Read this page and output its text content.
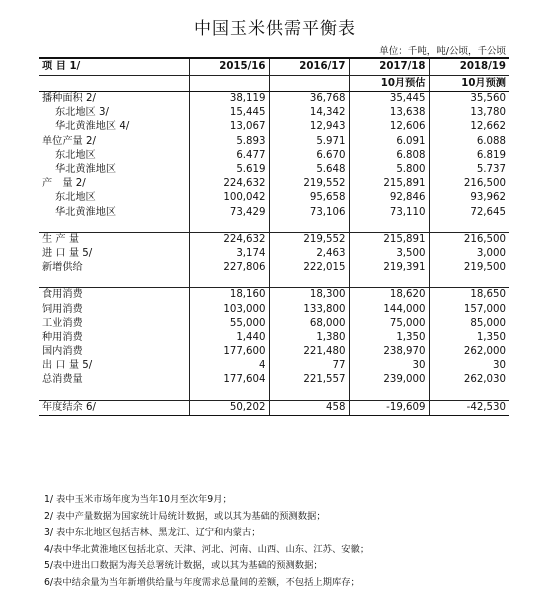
中国玉米供需平衡表
单位：千吨，吨/公顷，千公顷
项 目 1/	2015/16	2016/17	2017/18	2018/19
			10月预估	10月预测
播种面积 2/	38,119	36,768	35,445	35,560
东北地区 3/	15,445	14,342	13,638	13,780
华北黄淮地区 4/	13,067	12,943	12,606	12,662
单位产量 2/	5.893	5.971	6.091	6.088
东北地区	6.477	6.670	6.808	6.819
华北黄淮地区	5.619	5.648	5.800	5.737
产　量 2/	224,632	219,552	215,891	216,500
东北地区	100,042	95,658	92,846	93,962
华北黄淮地区	73,429	73,106	73,110	72,645

生 产 量	224,632	219,552	215,891	216,500
进 口 量 5/	3,174	2,463	3,500	3,000
新增供给	227,806	222,015	219,391	219,500

食用消费	18,160	18,300	18,620	18,650
饲用消费	103,000	133,800	144,000	157,000
工业消费	55,000	68,000	75,000	85,000
种用消费	1,440	1,380	1,350	1,350
国内消费	177,600	221,480	238,970	262,000
出 口 量 5/	4	77	30	30
总消费量	177,604	221,557	239,000	262,030

年度结余 6/	50,202	458	-19,609	-42,530
1/ 表中玉米市场年度为当年10月至次年9月；
2/ 表中产量数据为国家统计局统计数据，或以其为基础的预测数据；
3/ 表中东北地区包括吉林、黑龙江、辽宁和内蒙古；
4/表中华北黄淮地区包括北京、天津、河北、河南、山西、山东、江苏、安徽；
5/表中进出口数据为海关总署统计数据，或以其为基础的预测数据；
6/表中结余量为当年新增供给量与年度需求总量间的差额，不包括上期库存；
